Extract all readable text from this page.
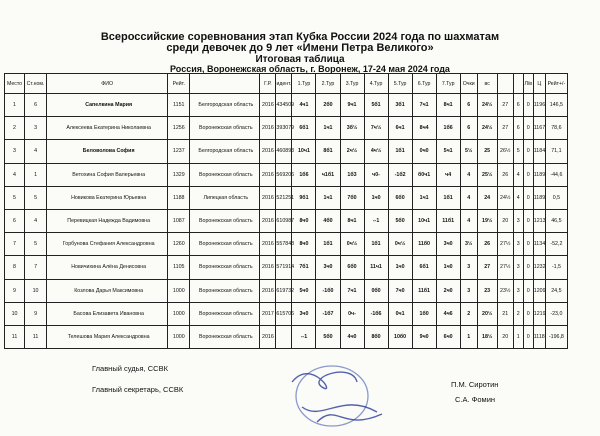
Всероссийские соревнования этап Кубка России 2024 года по шахматам
среди девочек до 9 лет «Имени Петра Великого»
Итоговая таблица
Россия, Воронежская область, г. Воронеж, 17-24 мая 2024 года
Место	Ст.ном.	ФИО	Рейт.		Г.Р.	идент.	1.Тур	2.Тур	3.Тур	4.Тур	5.Тур	6.Тур	7.Тур	Очки	вс			Л/в	Ц	Рейт+/-
1	6	Сапелкина Мария	1151	Белгородская область	2016	434509	4ч1	2б0	9ч1	5б1	3б1	7ч1	8ч1	6	24½	27	6	0	1196	146,5
2	3	Алексеева Екатерина Николаевна	1256	Воронежская область	2016	393079	6б1	1ч1	3б½	7ч½	6ч1	8ч4	1б6	6	24½	27	6	0	1167	78,6
3	4	Беловолова София	1237	Белгородская область	2016	460893	10ч1	8б1	2ч½	4ч½	1б1	0ч0	5ч1	5½	25	26½	5	0	1184	71,1
4	1	Ветохина София Валерьевна	1329	Воронежская область	2016	569206	1б6	ч1б1	1б3	ч0-	-1б2	б0ч1	ч4	4	25½	26	4	0	1189	-44,6
5	5	Новикова Екатерина Юрьевна	1188	Липецкая область	2016	521251	9б1	1ч1	7б0	1ч0	6б0	1ч1	1б1	4	24	24½	4	0	1189	0,5
6	4	Перевицкая Надежда Вадимовна	1087	Воронежская область	2016	610987	8ч0	4б0	8ч1	--1	5б0	10ч1	11б1	4	19½	20	3	0	1213	46,5
7	5	Горбунова Стефания Александровна	1260	Воронежская область	2016	557848	8ч0	1б1	0ч½	1б1	0ч½	11б0	3ч0	3½	26	27½	3	0	1134	-52,2
8	7	Новичихина Алёна Денисовна	1105	Воронежская область	2016	571914	7б1	3ч0	6б0	11ч1	1ч0	6б1	1ч0	3	27	27½	3	0	1232	-1,5
9	10	Козлова Дарья Максимовна	1000	Воронежская область	2016	619732	5ч0	-1б0	7ч1	0б0	7ч0	11б1	2ч0	3	23	23½	3	0	1209	24,5
10	9	Басова Елизавета Ивановна	1000	Воронежская область	2017	615706	3ч0	-1б7	0ч-	-1б6	0ч1	1б0	4ч6	2	20½	21	2	0	1219	-23,0
11	11	Телешова Мария Александровна	1000	Воронежская область	2016		--1	5б0	4ч0	8б0	10б0	9ч0	6ч0	1	18½	20	1	0	1118	-196,8
Главный судья, ССВК
Главный секретарь, ССВК
П.М. Сиротин
С.А. Фомин
